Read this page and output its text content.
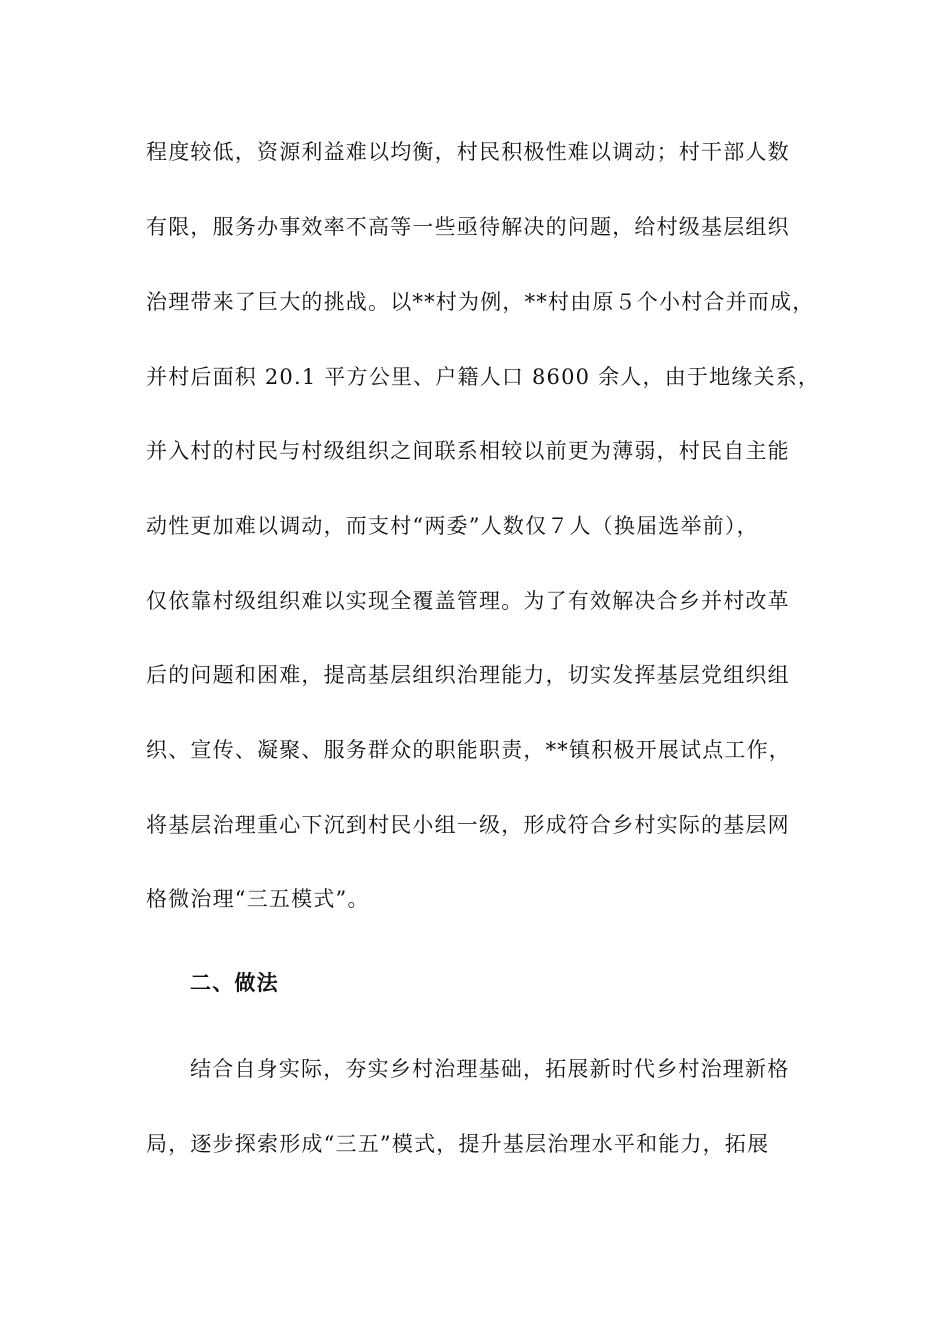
程度较低，资源利益难以均衡，村民积极性难以调动；村干部人数
有限，服务办事效率不高等一些亟待解决的问题，给村级基层组织
治理带来了巨大的挑战。以**村为例，**村由原５个小村合并而成，
并村后面积 20.1 平方公里、户籍人口 8600 余人，由于地缘关系，
并入村的村民与村级组织之间联系相较以前更为薄弱，村民自主能
动性更加难以调动，而支村“两委”人数仅７人（换届选举前），
仅依靠村级组织难以实现全覆盖管理。为了有效解决合乡并村改革
后的问题和困难，提高基层组织治理能力，切实发挥基层党组织组
织、宣传、凝聚、服务群众的职能职责，**镇积极开展试点工作，
将基层治理重心下沉到村民小组一级，形成符合乡村实际的基层网
格微治理“三五模式”。
二、做法
结合自身实际，夯实乡村治理基础，拓展新时代乡村治理新格
局，逐步探索形成“三五”模式，提升基层治理水平和能力，拓展
